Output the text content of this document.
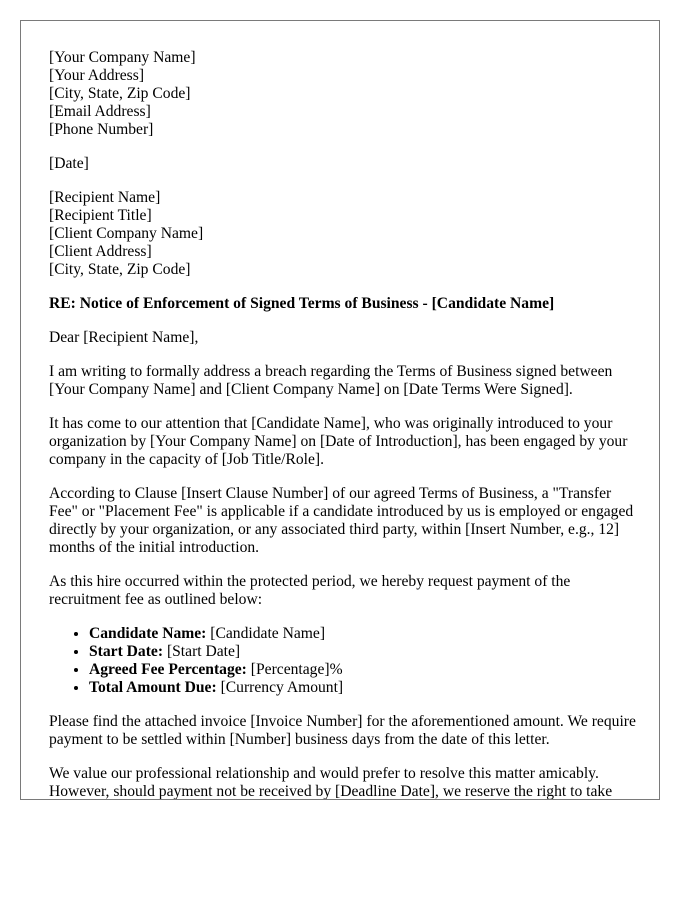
[Your Company Name]
[Your Address]
[City, State, Zip Code]
[Email Address]
[Phone Number]
[Date]
[Recipient Name]
[Recipient Title]
[Client Company Name]
[Client Address]
[City, State, Zip Code]

RE: Notice of Enforcement of Signed Terms of Business - [Candidate Name]

Dear [Recipient Name],

I am writing to formally address a breach regarding the Terms of Business signed between [Your Company Name] and [Client Company Name] on [Date Terms Were Signed].

It has come to our attention that [Candidate Name], who was originally introduced to your organization by [Your Company Name] on [Date of Introduction], has been engaged by your company in the capacity of [Job Title/Role].

According to Clause [Insert Clause Number] of our agreed Terms of Business, a "Transfer Fee" or "Placement Fee" is applicable if a candidate introduced by us is employed or engaged directly by your organization, or any associated third party, within [Insert Number, e.g., 12] months of the initial introduction.

As this hire occurred within the protected period, we hereby request payment of the recruitment fee as outlined below:

• Candidate Name: [Candidate Name]
• Start Date: [Start Date]
• Agreed Fee Percentage: [Percentage]%
• Total Amount Due: [Currency Amount]

Please find the attached invoice [Invoice Number] for the aforementioned amount. We require payment to be settled within [Number] business days from the date of this letter.

We value our professional relationship and would prefer to resolve this matter amicably. However, should payment not be received by [Deadline Date], we reserve the right to take
